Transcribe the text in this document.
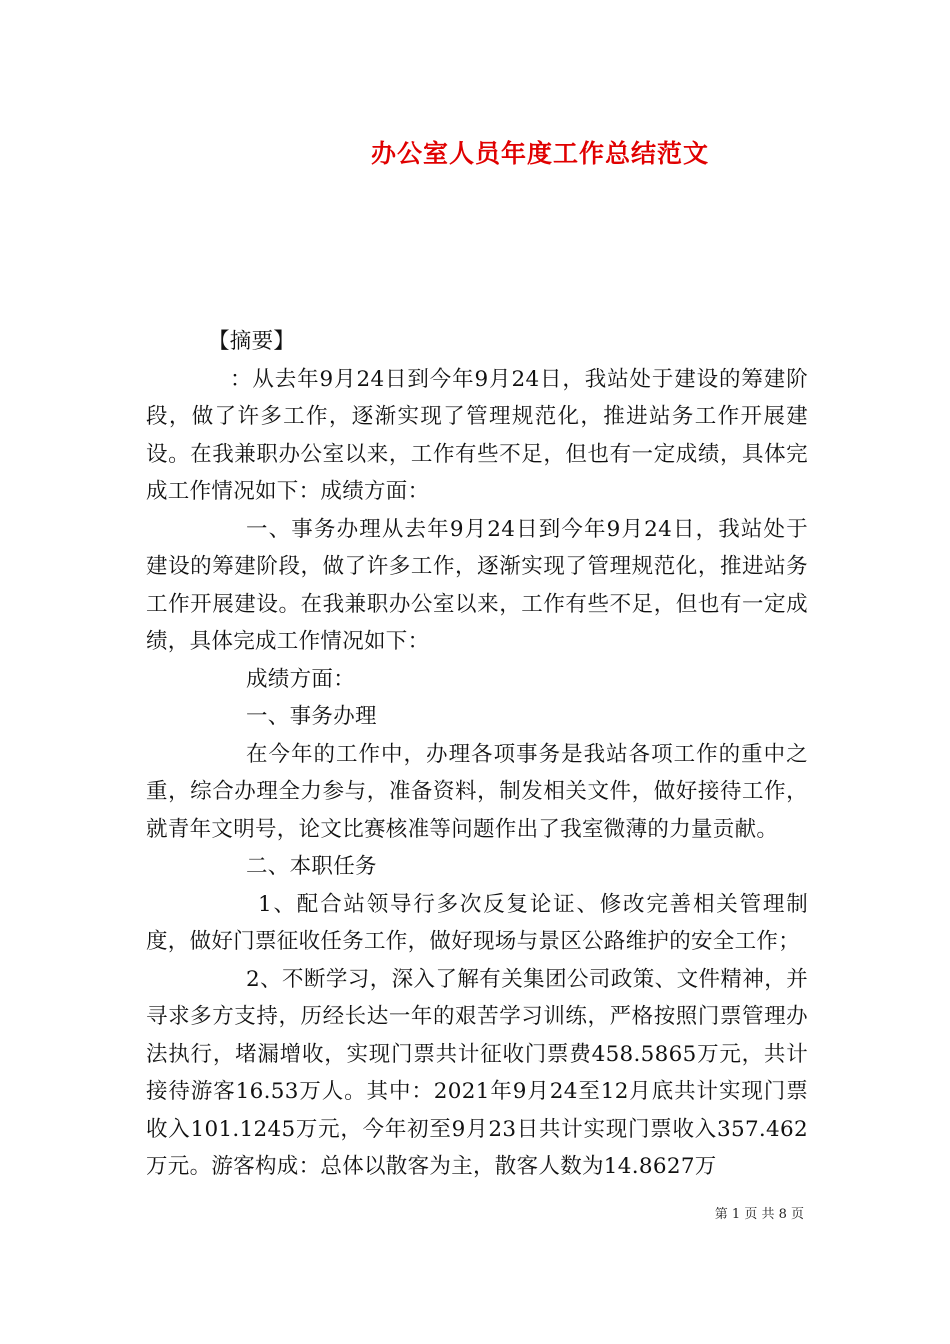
办公室人员年度工作总结范文

【摘要】

：从去年9月24日到今年9月24日，我站处于建设的筹建阶段，做了许多工作，逐渐实现了管理规范化，推进站务工作开展建设。在我兼职办公室以来，工作有些不足，但也有一定成绩，具体完成工作情况如下：成绩方面：

一、事务办理从去年9月24日到今年9月24日，我站处于建设的筹建阶段，做了许多工作，逐渐实现了管理规范化，推进站务工作开展建设。在我兼职办公室以来，工作有些不足，但也有一定成绩，具体完成工作情况如下：

成绩方面：

一、事务办理

在今年的工作中，办理各项事务是我站各项工作的重中之重，综合办理全力参与，准备资料，制发相关文件，做好接待工作，就青年文明号，论文比赛核准等问题作出了我室微薄的力量贡献。

二、本职任务

1、配合站领导行多次反复论证、修改完善相关管理制度，做好门票征收任务工作，做好现场与景区公路维护的安全工作；

2、不断学习，深入了解有关集团公司政策、文件精神，并寻求多方支持，历经长达一年的艰苦学习训练，严格按照门票管理办法执行，堵漏增收，实现门票共计征收门票费458.5865万元，共计接待游客16.53万人。其中：2021年9月24至12月底共计实现门票收入101.1245万元，今年初至9月23日共计实现门票收入357.462万元。游客构成：总体以散客为主，散客人数为14.8627万

第 1 页 共 8 页
